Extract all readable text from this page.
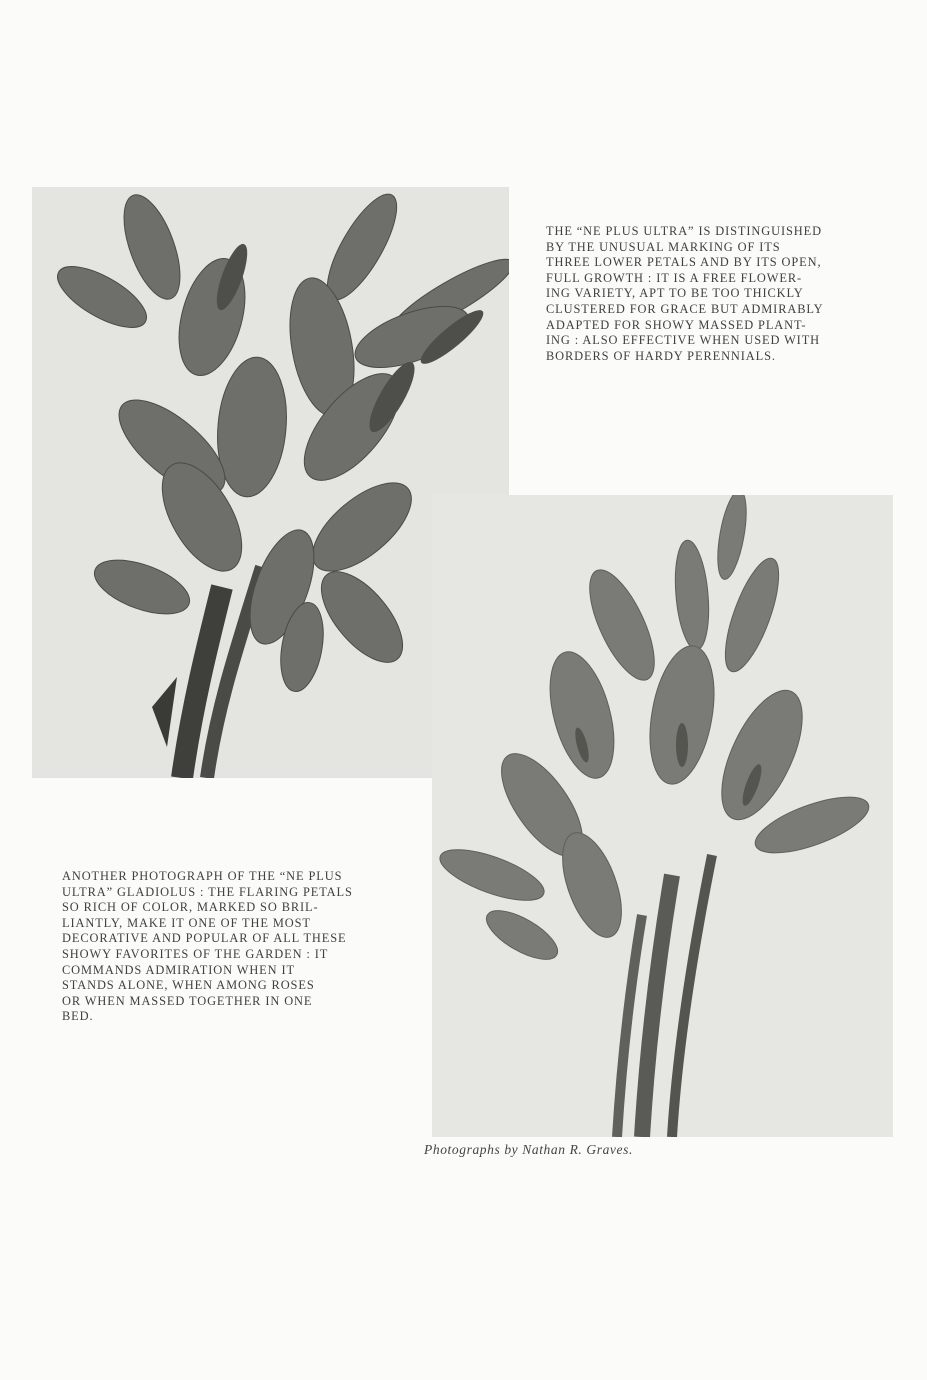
THE “NE PLUS ULTRA” IS DISTINGUISHED
BY THE UNUSUAL MARKING OF ITS
THREE LOWER PETALS AND BY ITS OPEN,
FULL GROWTH : IT IS A FREE FLOWER-
ING VARIETY, APT TO BE TOO THICKLY
CLUSTERED FOR GRACE BUT ADMIRABLY
ADAPTED FOR SHOWY MASSED PLANT-
ING : ALSO EFFECTIVE WHEN USED WITH
BORDERS OF HARDY PERENNIALS.

ANOTHER PHOTOGRAPH OF THE “NE PLUS
ULTRA” GLADIOLUS : THE FLARING PETALS
SO RICH OF COLOR, MARKED SO BRIL-
LIANTLY, MAKE IT ONE OF THE MOST
DECORATIVE AND POPULAR OF ALL THESE
SHOWY FAVORITES OF THE GARDEN : IT
COMMANDS ADMIRATION WHEN IT
STANDS ALONE, WHEN AMONG ROSES
OR WHEN MASSED TOGETHER IN ONE
BED.

Photographs by Nathan R. Graves.
